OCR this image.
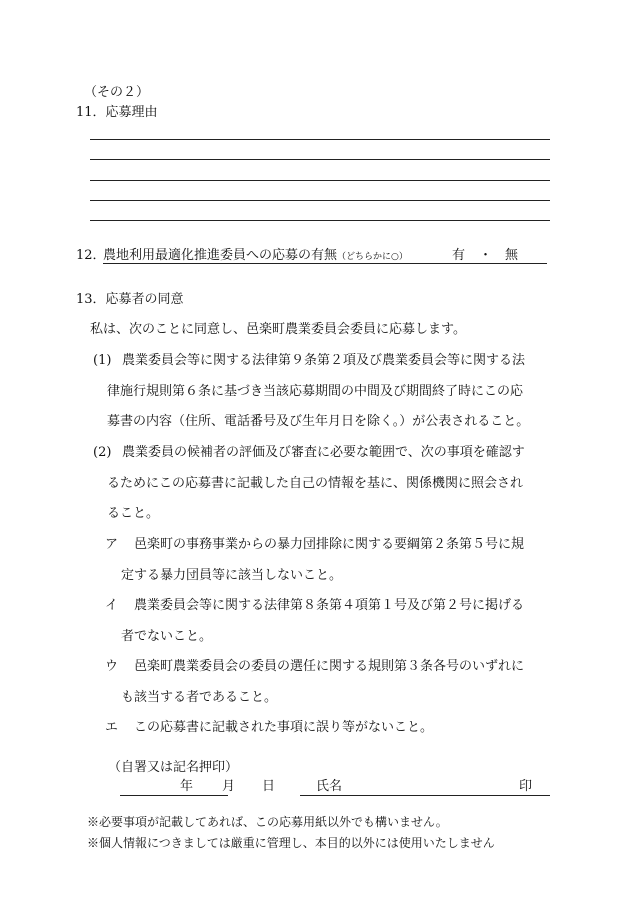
（その２）
11．応募理由
12．
農地利用最適化推進委員への応募の有無（どちらかに○）	有 ・ 無
13．応募者の同意
私は、次のことに同意し、邑楽町農業委員会委員に応募します。
(1) 農業委員会等に関する法律第９条第２項及び農業委員会等に関する法
律施行規則第６条に基づき当該応募期間の中間及び期間終了時にこの応
募書の内容（住所、電話番号及び生年月日を除く。）が公表されること。
(2) 農業委員の候補者の評価及び審査に必要な範囲で、次の事項を確認す
るためにこの応募書に記載した自己の情報を基に、関係機関に照会され
ること。
ア 邑楽町の事務事業からの暴力団排除に関する要綱第２条第５号に規
定する暴力団員等に該当しないこと。
イ 農業委員会等に関する法律第８条第４項第１号及び第２号に掲げる
者でないこと。
ウ 邑楽町農業委員会の委員の選任に関する規則第３条各号のいずれに
も該当する者であること。
エ この応募書に記載された事項に誤り等がないこと。
（自署又は記名押印）
年 月 日	氏名	印
※必要事項が記載してあれば、この応募用紙以外でも構いません。
※個人情報につきましては厳重に管理し、本目的以外には使用いたしません
